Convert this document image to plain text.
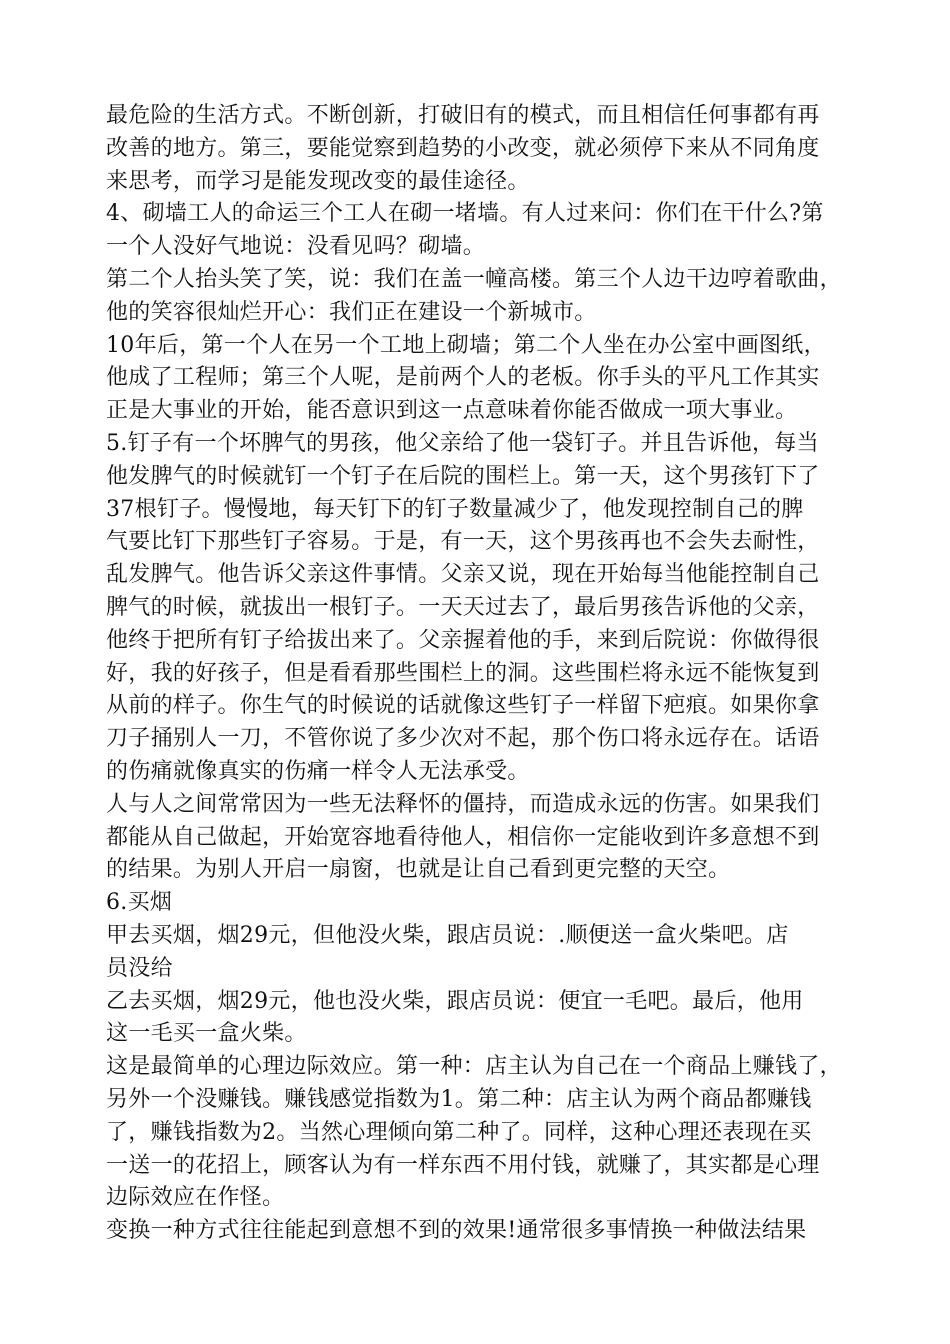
最危险的生活方式。不断创新，打破旧有的模式，而且相信任何事都有再
改善的地方。第三，要能觉察到趋势的小改变，就必须停下来从不同角度
来思考，而学习是能发现改变的最佳途径。
4、砌墙工人的命运三个工人在砌一堵墙。有人过来问：你们在干什么?第
一个人没好气地说：没看见吗？砌墙。
第二个人抬头笑了笑，说：我们在盖一幢高楼。第三个人边干边哼着歌曲，
他的笑容很灿烂开心：我们正在建设一个新城市。
10年后，第一个人在另一个工地上砌墙；第二个人坐在办公室中画图纸，
他成了工程师；第三个人呢，是前两个人的老板。你手头的平凡工作其实
正是大事业的开始，能否意识到这一点意味着你能否做成一项大事业。
5.钉子有一个坏脾气的男孩，他父亲给了他一袋钉子。并且告诉他，每当
他发脾气的时候就钉一个钉子在后院的围栏上。第一天，这个男孩钉下了
37根钉子。慢慢地，每天钉下的钉子数量减少了，他发现控制自己的脾
气要比钉下那些钉子容易。于是，有一天，这个男孩再也不会失去耐性，
乱发脾气。他告诉父亲这件事情。父亲又说，现在开始每当他能控制自己
脾气的时候，就拔出一根钉子。一天天过去了，最后男孩告诉他的父亲，
他终于把所有钉子给拔出来了。父亲握着他的手，来到后院说：你做得很
好，我的好孩子，但是看看那些围栏上的洞。这些围栏将永远不能恢复到
从前的样子。你生气的时候说的话就像这些钉子一样留下疤痕。如果你拿
刀子捅别人一刀，不管你说了多少次对不起，那个伤口将永远存在。话语
的伤痛就像真实的伤痛一样令人无法承受。
人与人之间常常因为一些无法释怀的僵持，而造成永远的伤害。如果我们
都能从自己做起，开始宽容地看待他人，相信你一定能收到许多意想不到
的结果。为别人开启一扇窗，也就是让自己看到更完整的天空。
6.买烟
甲去买烟，烟29元，但他没火柴，跟店员说：.顺便送一盒火柴吧。店
员没给
乙去买烟，烟29元，他也没火柴，跟店员说：便宜一毛吧。最后，他用
这一毛买一盒火柴。
这是最简单的心理边际效应。第一种：店主认为自己在一个商品上赚钱了，
另外一个没赚钱。赚钱感觉指数为1。第二种：店主认为两个商品都赚钱
了，赚钱指数为2。当然心理倾向第二种了。同样，这种心理还表现在买
一送一的花招上，顾客认为有一样东西不用付钱，就赚了，其实都是心理
边际效应在作怪。
变换一种方式往往能起到意想不到的效果!通常很多事情换一种做法结果
